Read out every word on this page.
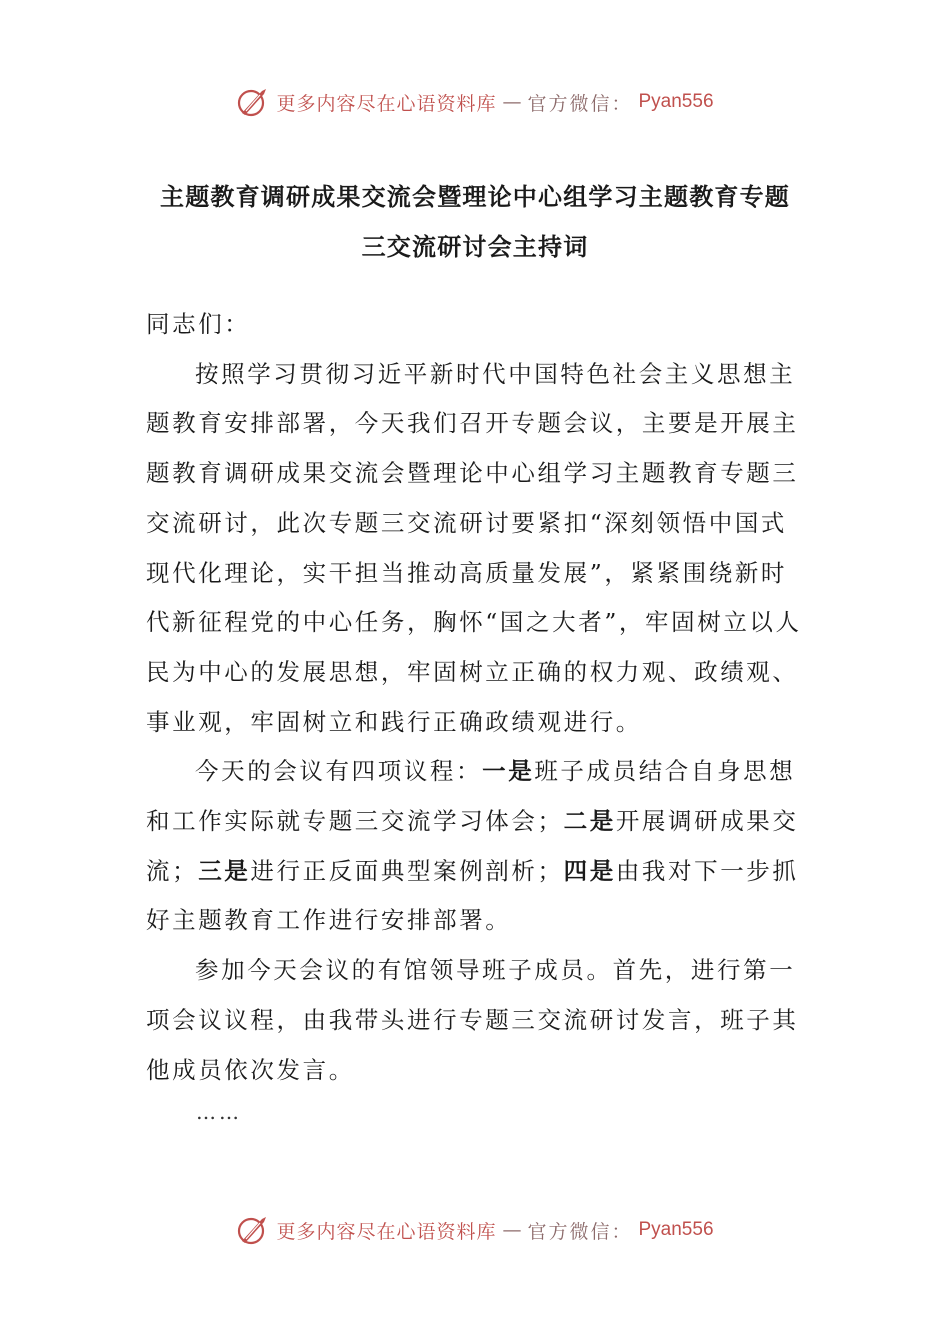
更多内容尽在心语资料库 — 官方微信： Pyan556
主题教育调研成果交流会暨理论中心组学习主题教育专题
三交流研讨会主持词

同志们：

按照学习贯彻习近平新时代中国特色社会主义思想主题教育安排部署，今天我们召开专题会议，主要是开展主题教育调研成果交流会暨理论中心组学习主题教育专题三交流研讨，此次专题三交流研讨要紧扣“深刻领悟中国式现代化理论，实干担当推动高质量发展”，紧紧围绕新时代新征程党的中心任务，胸怀“国之大者”，牢固树立以人民为中心的发展思想，牢固树立正确的权力观、政绩观、事业观，牢固树立和践行正确政绩观进行。

今天的会议有四项议程：一是班子成员结合自身思想和工作实际就专题三交流学习体会；二是开展调研成果交流；三是进行正反面典型案例剖析；四是由我对下一步抓好主题教育工作进行安排部署。

参加今天会议的有馆领导班子成员。首先，进行第一项会议议程，由我带头进行专题三交流研讨发言，班子其他成员依次发言。

……
更多内容尽在心语资料库 — 官方微信： Pyan556
